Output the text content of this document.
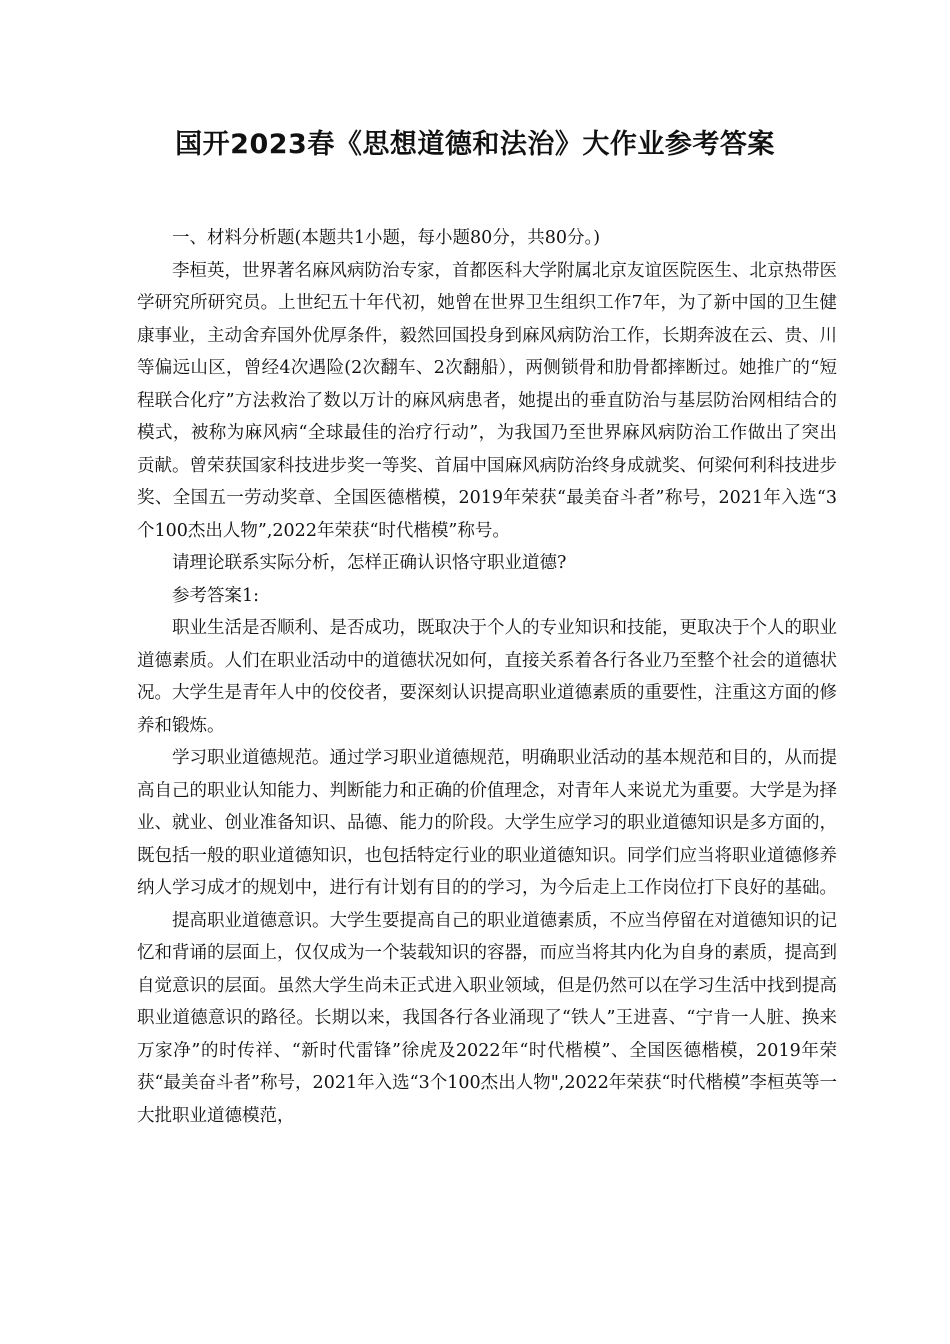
国开2023春《思想道德和法治》大作业参考答案

一、材料分析题(本题共1小题，每小题80分，共80分。)

李桓英，世界著名麻风病防治专家，首都医科大学附属北京友谊医院医生、北京热带医学研究所研究员。上世纪五十年代初，她曾在世界卫生组织工作7年，为了新中国的卫生健康事业，主动舍弃国外优厚条件，毅然回国投身到麻风病防治工作，长期奔波在云、贵、川等偏远山区，曾经4次遇险(2次翻车、2次翻船），两侧锁骨和肋骨都摔断过。她推广的“短程联合化疗”方法救治了数以万计的麻风病患者，她提出的垂直防治与基层防治网相结合的模式，被称为麻风病“全球最佳的治疗行动”，为我国乃至世界麻风病防治工作做出了突出贡献。曾荣获国家科技进步奖一等奖、首届中国麻风病防治终身成就奖、何梁何利科技进步奖、全国五一劳动奖章、全国医德楷模，2019年荣获“最美奋斗者”称号，2021年入选“3个100杰出人物”,2022年荣获“时代楷模”称号。

请理论联系实际分析，怎样正确认识恪守职业道德?

参考答案1:

职业生活是否顺利、是否成功，既取决于个人的专业知识和技能，更取决于个人的职业道德素质。人们在职业活动中的道德状况如何，直接关系着各行各业乃至整个社会的道德状况。大学生是青年人中的佼佼者，要深刻认识提高职业道德素质的重要性，注重这方面的修养和锻炼。

学习职业道德规范。通过学习职业道德规范，明确职业活动的基本规范和目的，从而提高自己的职业认知能力、判断能力和正确的价值理念，对青年人来说尤为重要。大学是为择业、就业、创业准备知识、品德、能力的阶段。大学生应学习的职业道德知识是多方面的，既包括一般的职业道德知识，也包括特定行业的职业道德知识。同学们应当将职业道德修养纳人学习成才的规划中，进行有计划有目的的学习，为今后走上工作岗位打下良好的基础。

提高职业道德意识。大学生要提高自己的职业道德素质，不应当停留在对道德知识的记忆和背诵的层面上，仅仅成为一个装载知识的容器，而应当将其内化为自身的素质，提高到自觉意识的层面。虽然大学生尚未正式进入职业领域，但是仍然可以在学习生活中找到提高职业道德意识的路径。长期以来，我国各行各业涌现了“铁人”王进喜、“宁肯一人脏、换来万家净”的时传祥、“新时代雷锋”徐虎及2022年“时代楷模”、全国医德楷模，2019年荣获“最美奋斗者”称号，2021年入选“3个100杰出人物",2022年荣获“时代楷模”李桓英等一大批职业道德模范，
